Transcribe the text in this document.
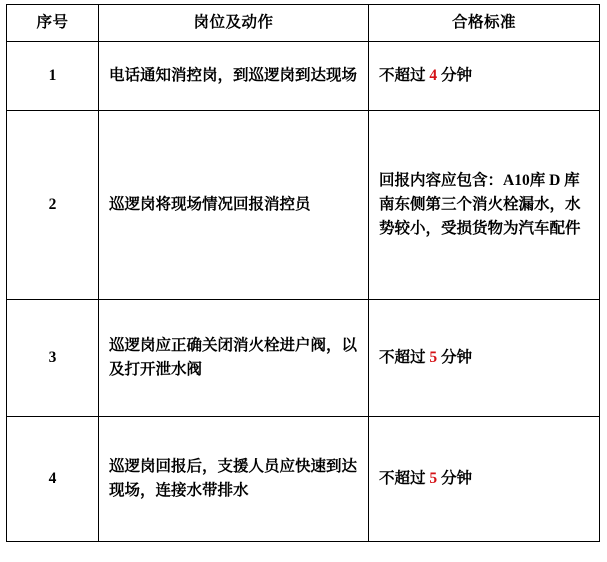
序号	岗位及动作	合格标准
1	电话通知消控岗，到巡逻岗到达现场	不超过 4 分钟

2	巡逻岗将现场情况回报消控员	回报内容应包含：A10库 D 库南东侧第三个消火栓漏水，水势较小，受损货物为汽车配件
3	巡逻岗应正确关闭消火栓进户阀，以及打开泄水阀	不超过 5 分钟

4	巡逻岗回报后，支援人员应快速到达现场，连接水带排水	不超过 5 分钟
